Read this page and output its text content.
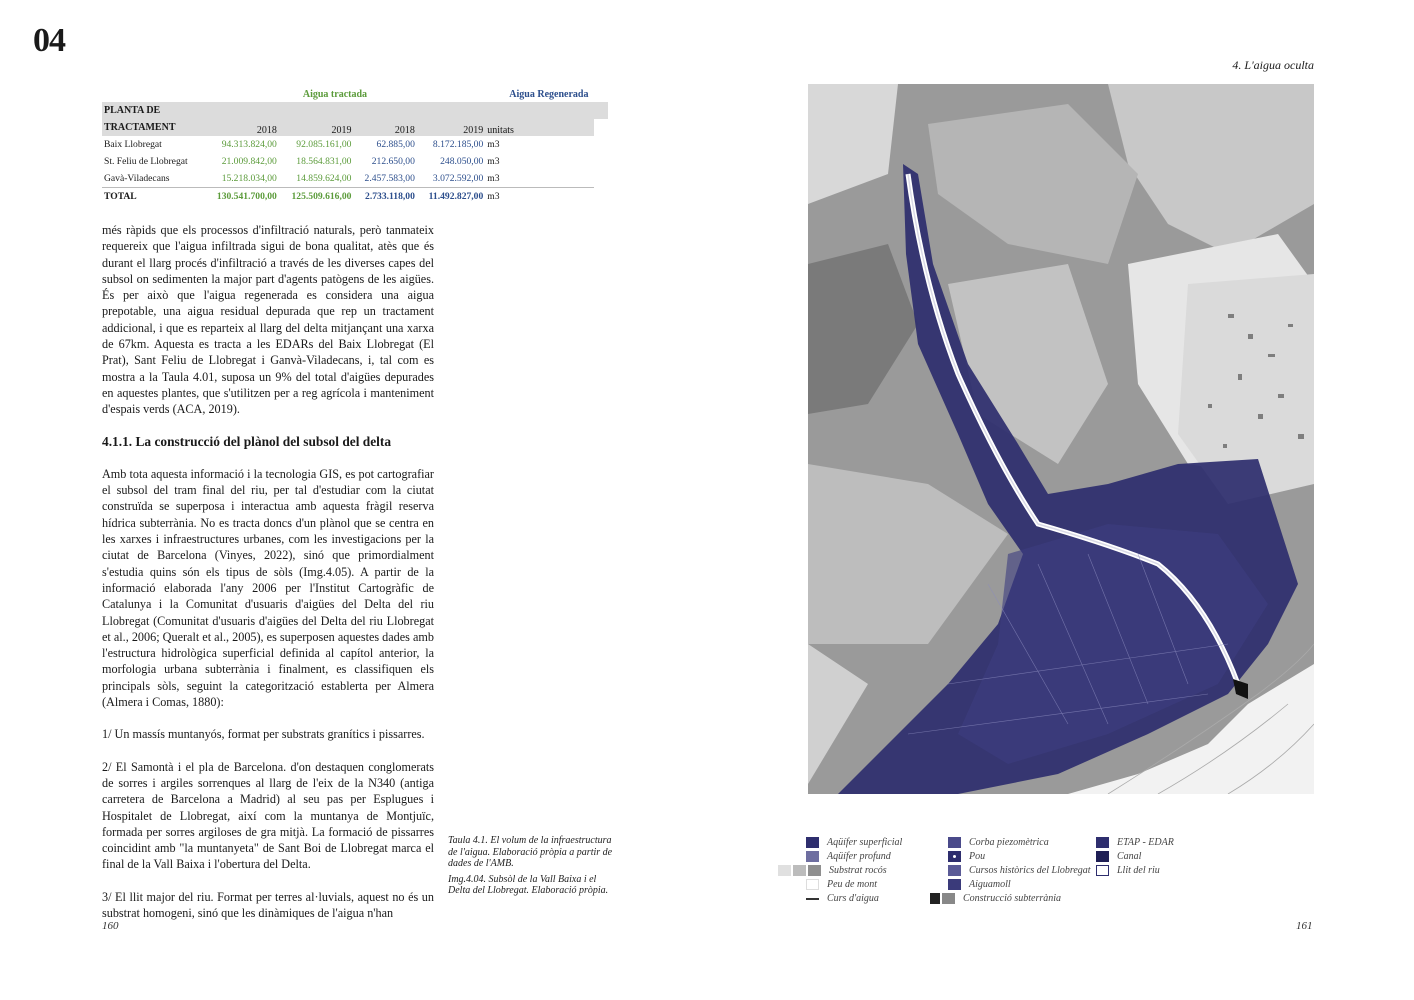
04
4. L'aigua oculta
		Aigua tractada			Aigua Regenerada	
PLANTA DE						
TRACTAMENT	2018	2019	2018	2019	unitats	
Baix Llobregat	94.313.824,00	92.085.161,00	62.885,00	8.172.185,00	m3	
St. Feliu de Llobregat	21.009.842,00	18.564.831,00	212.650,00	248.050,00	m3	
Gavà-Viladecans	15.218.034,00	14.859.624,00	2.457.583,00	3.072.592,00	m3	
TOTAL	130.541.700,00	125.509.616,00	2.733.118,00	11.492.827,00	m3	

més ràpids que els processos d'infiltració naturals, però tanmateix requereix que l'aigua infiltrada sigui de bona qualitat, atès que és durant el llarg procés d'infiltració a través de les diverses capes del subsol on sedimenten la major part d'agents patògens de les aigües. És per això que l'aigua regenerada es considera una aigua prepotable, una aigua residual depurada que rep un tractament addicional, i que es reparteix al llarg del delta mitjançant una xarxa de 67km. Aquesta es tracta a les EDARs del Baix Llobregat (El Prat), Sant Feliu de Llobregat i Ganvà-Viladecans, i, tal com es mostra a la Taula 4.01, suposa un 9% del total d'aigües depurades en aquestes plantes, que s'utilitzen per a reg agrícola i manteniment d'espais verds (ACA, 2019).

4.1.1. La construcció del plànol del subsol del delta

Amb tota aquesta informació i la tecnologia GIS, es pot cartografiar el subsol del tram final del riu, per tal d'estudiar com la ciutat construïda se superposa i interactua amb aquesta fràgil reserva hídrica subterrània. No es tracta doncs d'un plànol que se centra en les xarxes i infraestructures urbanes, com les investigacions per la ciutat de Barcelona (Vinyes, 2022), sinó que primordialment s'estudia quins són els tipus de sòls (Img.4.05). A partir de la informació elaborada l'any 2006 per l'Institut Cartogràfic de Catalunya i la Comunitat d'usuaris d'aigües del Delta del riu Llobregat (Comunitat d'usuaris d'aigües del Delta del riu Llobregat et al., 2006; Queralt et al., 2005), es superposen aquestes dades amb l'estructura hidrològica superficial definida al capítol anterior, la morfologia urbana subterrània i finalment, es classifiquen els principals sòls, seguint la categorització establerta per Almera (Almera i Comas, 1880):

1/ Un massís muntanyós, format per substrats granítics i pissarres.

2/ El Samontà i el pla de Barcelona. d'on destaquen conglomerats de sorres i argiles sorrenques al llarg de l'eix de la N340 (antiga carretera de Barcelona a Madrid) al seu pas per Esplugues i Hospitalet de Llobregat, així com la muntanya de Montjuïc, formada per sorres argiloses de gra mitjà. La formació de pissarres coincidint amb "la muntanyeta" de Sant Boi de Llobregat marca el final de la Vall Baixa i l'obertura del Delta.

3/ El llit major del riu. Format per terres al·luvials, aquest no és un substrat homogeni, sinó que les dinàmiques de l'aigua n'han

Taula 4.1. El volum de la infraestructura de l'aigua. Elaboració pròpia a partir de dades de l'AMB.

Img.4.04. Subsòl de la Vall Baixa i el Delta del Llobregat. Elaboració pròpia.

Aqüífer superficial
Aqüífer profund
Substrat rocós
Peu de mont
Curs d'aigua
Corba piezomètrica
Pou
Cursos històrics del Llobregat
Aiguamoll
Construcció subterrània
ETAP - EDAR
Canal
Llit del riu
160	161
